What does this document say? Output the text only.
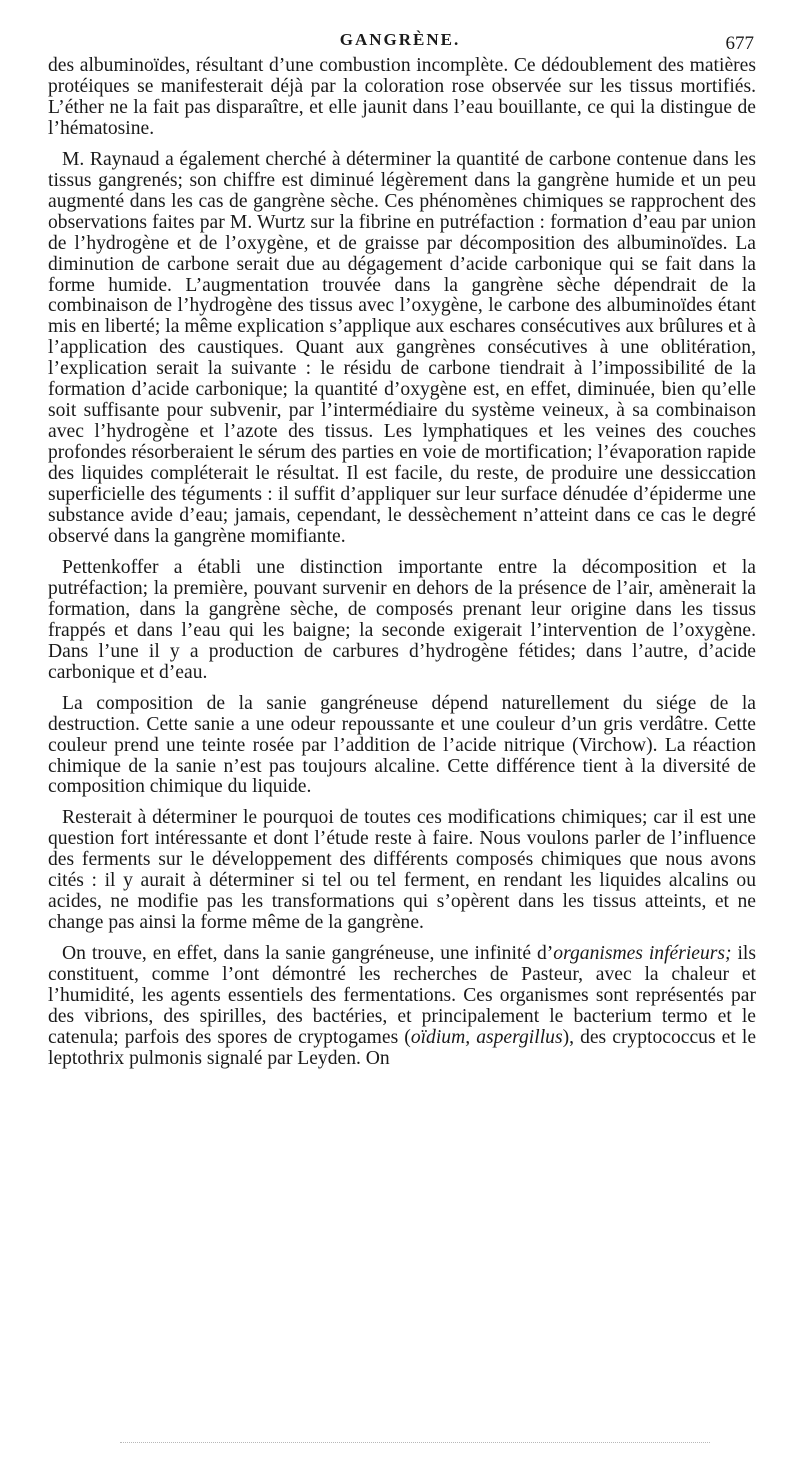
GANGRÈNE.	677

des albuminoïdes, résultant d’une combustion incomplète. Ce dédoublement des matières protéiques se manifesterait déjà par la coloration rose observée sur les tissus mortifiés. L’éther ne la fait pas disparaître, et elle jaunit dans l’eau bouillante, ce qui la distingue de l’hématosine.

M. Raynaud a également cherché à déterminer la quantité de carbone contenue dans les tissus gangrenés; son chiffre est diminué légèrement dans la gangrène humide et un peu augmenté dans les cas de gangrène sèche. Ces phénomènes chimiques se rapprochent des observations faites par M. Wurtz sur la fibrine en putréfaction : formation d’eau par union de l’hydrogène et de l’oxygène, et de graisse par décomposition des albuminoïdes. La diminution de carbone serait due au dégagement d’acide carbonique qui se fait dans la forme humide. L’augmentation trouvée dans la gangrène sèche dépendrait de la combinaison de l’hydrogène des tissus avec l’oxygène, le carbone des albuminoïdes étant mis en liberté; la même explication s’applique aux eschares consécutives aux brûlures et à l’application des caustiques. Quant aux gangrènes consécutives à une oblitération, l’explication serait la suivante : le résidu de carbone tiendrait à l’impossibilité de la formation d’acide carbonique; la quantité d’oxygène est, en effet, diminuée, bien qu’elle soit suffisante pour subvenir, par l’intermédiaire du système veineux, à sa combinaison avec l’hydrogène et l’azote des tissus. Les lymphatiques et les veines des couches profondes résorberaient le sérum des parties en voie de mortification; l’évaporation rapide des liquides compléterait le résultat. Il est facile, du reste, de produire une dessiccation superficielle des téguments : il suffit d’appliquer sur leur surface dénudée d’épiderme une substance avide d’eau; jamais, cependant, le dessèchement n’atteint dans ce cas le degré observé dans la gangrène momifiante.

Pettenkoffer a établi une distinction importante entre la décomposition et la putréfaction; la première, pouvant survenir en dehors de la présence de l’air, amènerait la formation, dans la gangrène sèche, de composés prenant leur origine dans les tissus frappés et dans l’eau qui les baigne; la seconde exigerait l’intervention de l’oxygène. Dans l’une il y a production de carbures d’hydrogène fétides; dans l’autre, d’acide carbonique et d’eau.

La composition de la sanie gangréneuse dépend naturellement du siége de la destruction. Cette sanie a une odeur repoussante et une couleur d’un gris verdâtre. Cette couleur prend une teinte rosée par l’addition de l’acide nitrique (Virchow). La réaction chimique de la sanie n’est pas toujours alcaline. Cette différence tient à la diversité de composition chimique du liquide.

Resterait à déterminer le pourquoi de toutes ces modifications chimiques; car il est une question fort intéressante et dont l’étude reste à faire. Nous voulons parler de l’influence des ferments sur le développement des différents composés chimiques que nous avons cités : il y aurait à déterminer si tel ou tel ferment, en rendant les liquides alcalins ou acides, ne modifie pas les transformations qui s’opèrent dans les tissus atteints, et ne change pas ainsi la forme même de la gangrène.

On trouve, en effet, dans la sanie gangréneuse, une infinité d’organismes inférieurs; ils constituent, comme l’ont démontré les recherches de Pasteur, avec la chaleur et l’humidité, les agents essentiels des fermentations. Ces organismes sont représentés par des vibrions, des spirilles, des bactéries, et principalement le bacterium termo et le catenula; parfois des spores de cryptogames (oïdium, aspergillus), des cryptococcus et le leptothrix pulmonis signalé par Leyden. On
